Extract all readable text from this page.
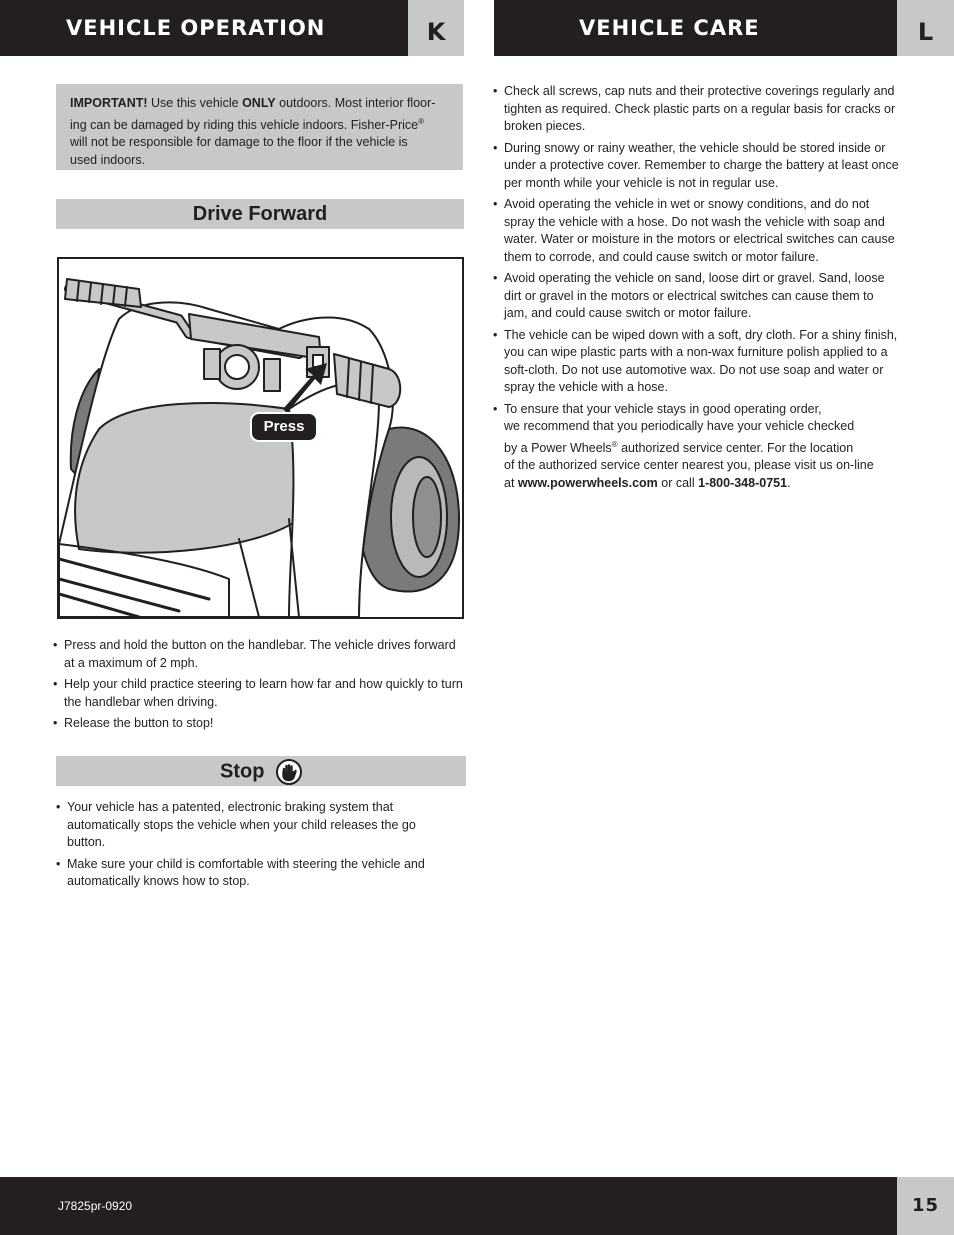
VEHICLE OPERATION	K	VEHICLE CARE	L
IMPORTANT! Use this vehicle ONLY outdoors. Most interior floor-
ing can be damaged by riding this vehicle indoors. Fisher-Price®
will not be responsible for damage to the floor if the vehicle is
used indoors.
Drive Forward
Press
• Press and hold the button on the handlebar. The vehicle drives forward at a maximum of 2 mph.
• Help your child practice steering to learn how far and how quickly to turn the handlebar when driving.
• Release the button to stop!
Stop
• Your vehicle has a patented, electronic braking system that automatically stops the vehicle when your child releases the go button.
• Make sure your child is comfortable with steering the vehicle and automatically knows how to stop.
• Check all screws, cap nuts and their protective coverings regularly and tighten as required. Check plastic parts on a regular basis for cracks or broken pieces.
• During snowy or rainy weather, the vehicle should be stored inside or under a protective cover. Remember to charge the battery at least once per month while your vehicle is not in regular use.
• Avoid operating the vehicle in wet or snowy conditions, and do not spray the vehicle with a hose. Do not wash the vehicle with soap and water. Water or moisture in the motors or electrical switches can cause them to corrode, and could cause switch or motor failure.
• Avoid operating the vehicle on sand, loose dirt or gravel. Sand, loose dirt or gravel in the motors or electrical switches can cause them to jam, and could cause switch or motor failure.
• The vehicle can be wiped down with a soft, dry cloth. For a shiny finish, you can wipe plastic parts with a non-wax furniture polish applied to a soft-cloth. Do not use automotive wax. Do not use soap and water or spray the vehicle with a hose.
• To ensure that your vehicle stays in good operating order,
we recommend that you periodically have your vehicle checked
by a Power Wheels® authorized service center. For the location
of the authorized service center nearest you, please visit us on-line
at www.powerwheels.com or call 1-800-348-0751.
J7825pr-0920	15
